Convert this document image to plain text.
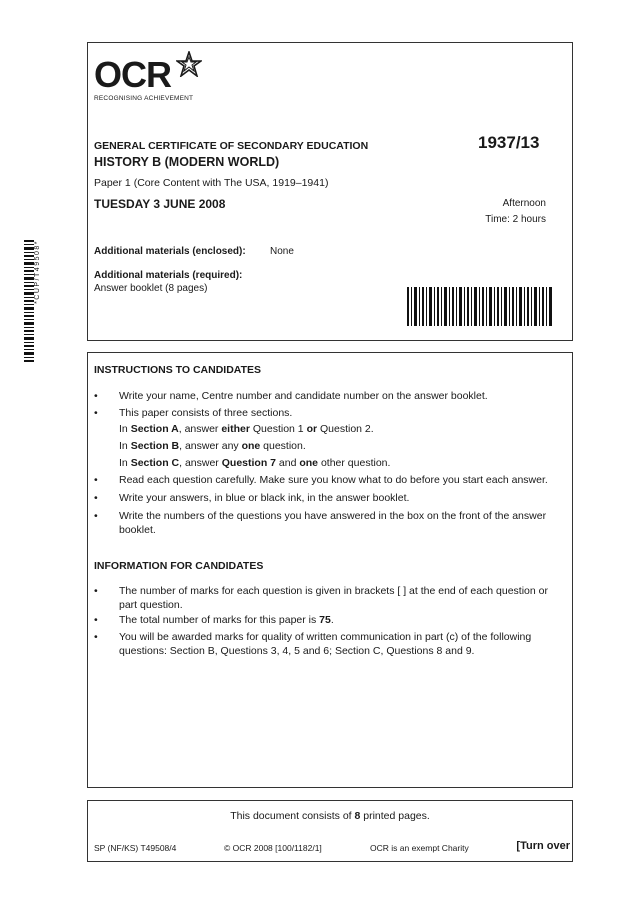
OCR
RECOGNISING ACHIEVEMENT
GENERAL CERTIFICATE OF SECONDARY EDUCATION	1937/13
HISTORY B (MODERN WORLD)
Paper 1 (Core Content with The USA, 1919–1941)
TUESDAY 3 JUNE 2008	Afternoon
Time: 2 hours
Additional materials (enclosed): None
Additional materials (required):
Answer booklet (8 pages)
*CUP/T49508*
INSTRUCTIONS TO CANDIDATES
• Write your name, Centre number and candidate number on the answer booklet.
• This paper consists of three sections.
In Section A, answer either Question 1 or Question 2.
In Section B, answer any one question.
In Section C, answer Question 7 and one other question.
• Read each question carefully. Make sure you know what to do before you start each answer.
• Write your answers, in blue or black ink, in the answer booklet.
• Write the numbers of the questions you have answered in the box on the front of the answer booklet.
INFORMATION FOR CANDIDATES
• The number of marks for each question is given in brackets [ ] at the end of each question or part question.
• The total number of marks for this paper is 75.
• You will be awarded marks for quality of written communication in part (c) of the following questions: Section B, Questions 3, 4, 5 and 6; Section C, Questions 8 and 9.
This document consists of 8 printed pages.
SP (NF/KS) T49508/4	© OCR 2008 [100/1182/1]	OCR is an exempt Charity	[Turn over
